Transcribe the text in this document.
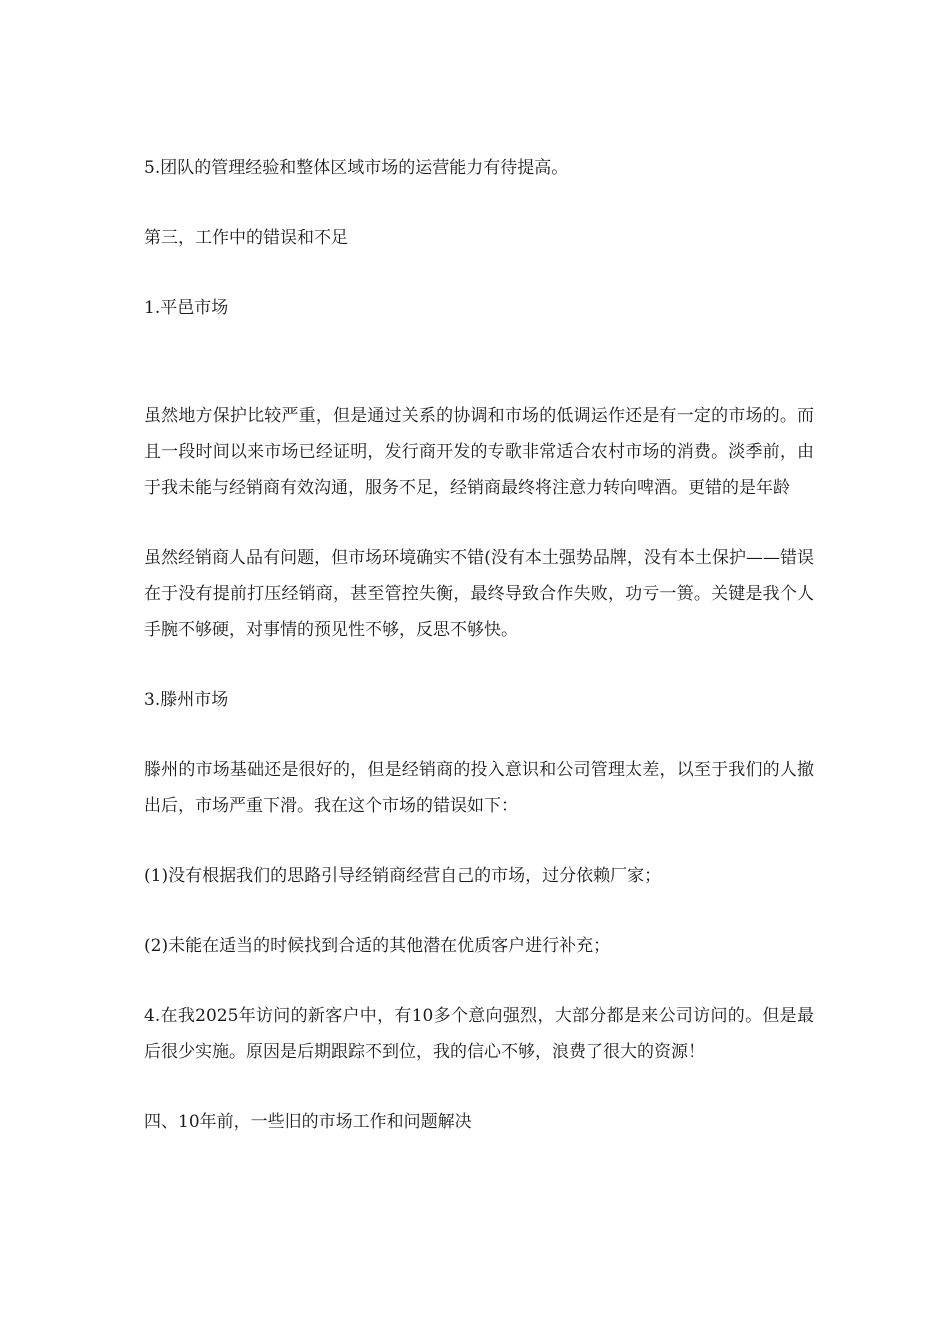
5.团队的管理经验和整体区域市场的运营能力有待提高。

第三，工作中的错误和不足

1.平邑市场

虽然地方保护比较严重，但是通过关系的协调和市场的低调运作还是有一定的市场的。而且一段时间以来市场已经证明，发行商开发的专歌非常适合农村市场的消费。淡季前，由于我未能与经销商有效沟通，服务不足，经销商最终将注意力转向啤酒。更错的是年龄

虽然经销商人品有问题，但市场环境确实不错(没有本土强势品牌，没有本土保护——错误在于没有提前打压经销商，甚至管控失衡，最终导致合作失败，功亏一篑。关键是我个人手腕不够硬，对事情的预见性不够，反思不够快。

3.滕州市场

滕州的市场基础还是很好的，但是经销商的投入意识和公司管理太差，以至于我们的人撤出后，市场严重下滑。我在这个市场的错误如下：

(1)没有根据我们的思路引导经销商经营自己的市场，过分依赖厂家；

(2)未能在适当的时候找到合适的其他潜在优质客户进行补充；

4.在我2025年访问的新客户中，有10多个意向强烈，大部分都是来公司访问的。但是最后很少实施。原因是后期跟踪不到位，我的信心不够，浪费了很大的资源！

四、10年前，一些旧的市场工作和问题解决
